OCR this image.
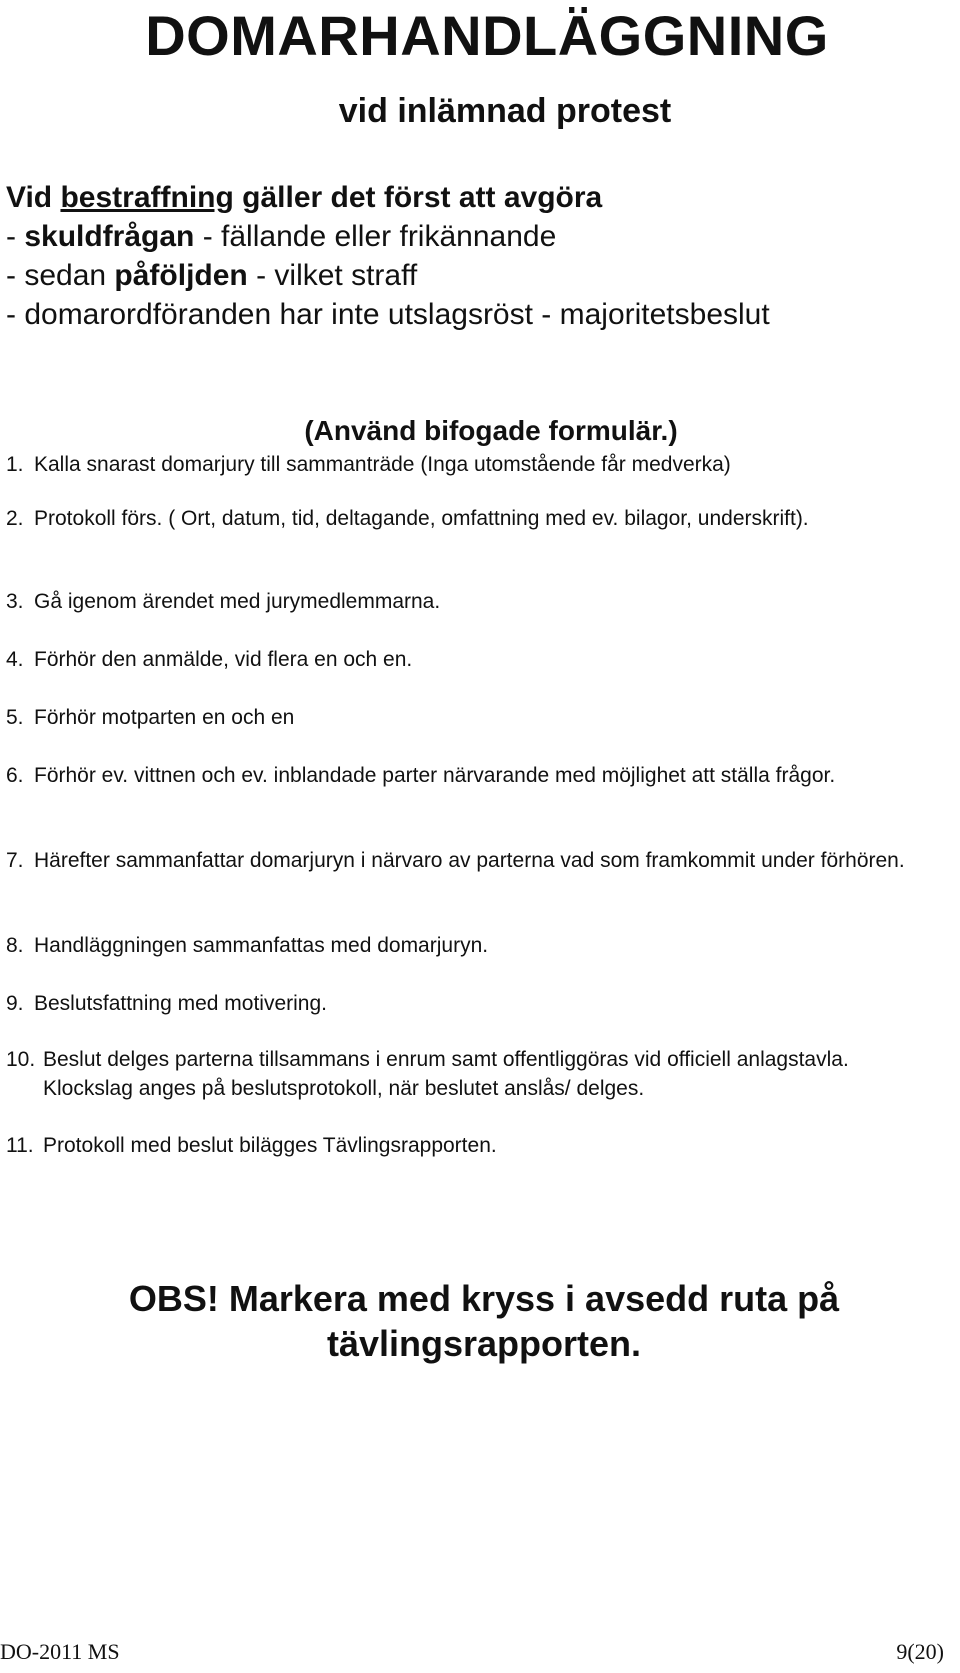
DOMARHANDLÄGGNING
vid inlämnad protest
Vid bestraffning gäller det först att avgöra
- skuldfrågan - fällande eller frikännande
- sedan påföljden - vilket straff
- domarordföranden har inte utslagsröst - majoritetsbeslut
(Använd bifogade formulär.)
1. Kalla snarast domarjury till sammanträde (Inga utomstående får medverka)
2. Protokoll förs. ( Ort, datum, tid, deltagande, omfattning med ev. bilagor, underskrift).
3. Gå igenom ärendet med jurymedlemmarna.
4. Förhör den anmälde, vid flera en och en.
5. Förhör motparten en och en
6. Förhör ev. vittnen och ev. inblandade parter närvarande med möjlighet att ställa frågor.
7. Härefter sammanfattar domarjuryn i närvaro av parterna vad som framkommit under förhören.
8. Handläggningen sammanfattas med domarjuryn.
9. Beslutsfattning med motivering.
10. Beslut delges parterna tillsammans i enrum samt offentliggöras vid officiell anlagstavla. Klockslag anges på beslutsprotokoll, när beslutet anslås/ delges.
11. Protokoll med beslut bilägges Tävlingsrapporten.
OBS! Markera med kryss i avsedd ruta på
tävlingsrapporten.
DO-2011 MS	9(20)
